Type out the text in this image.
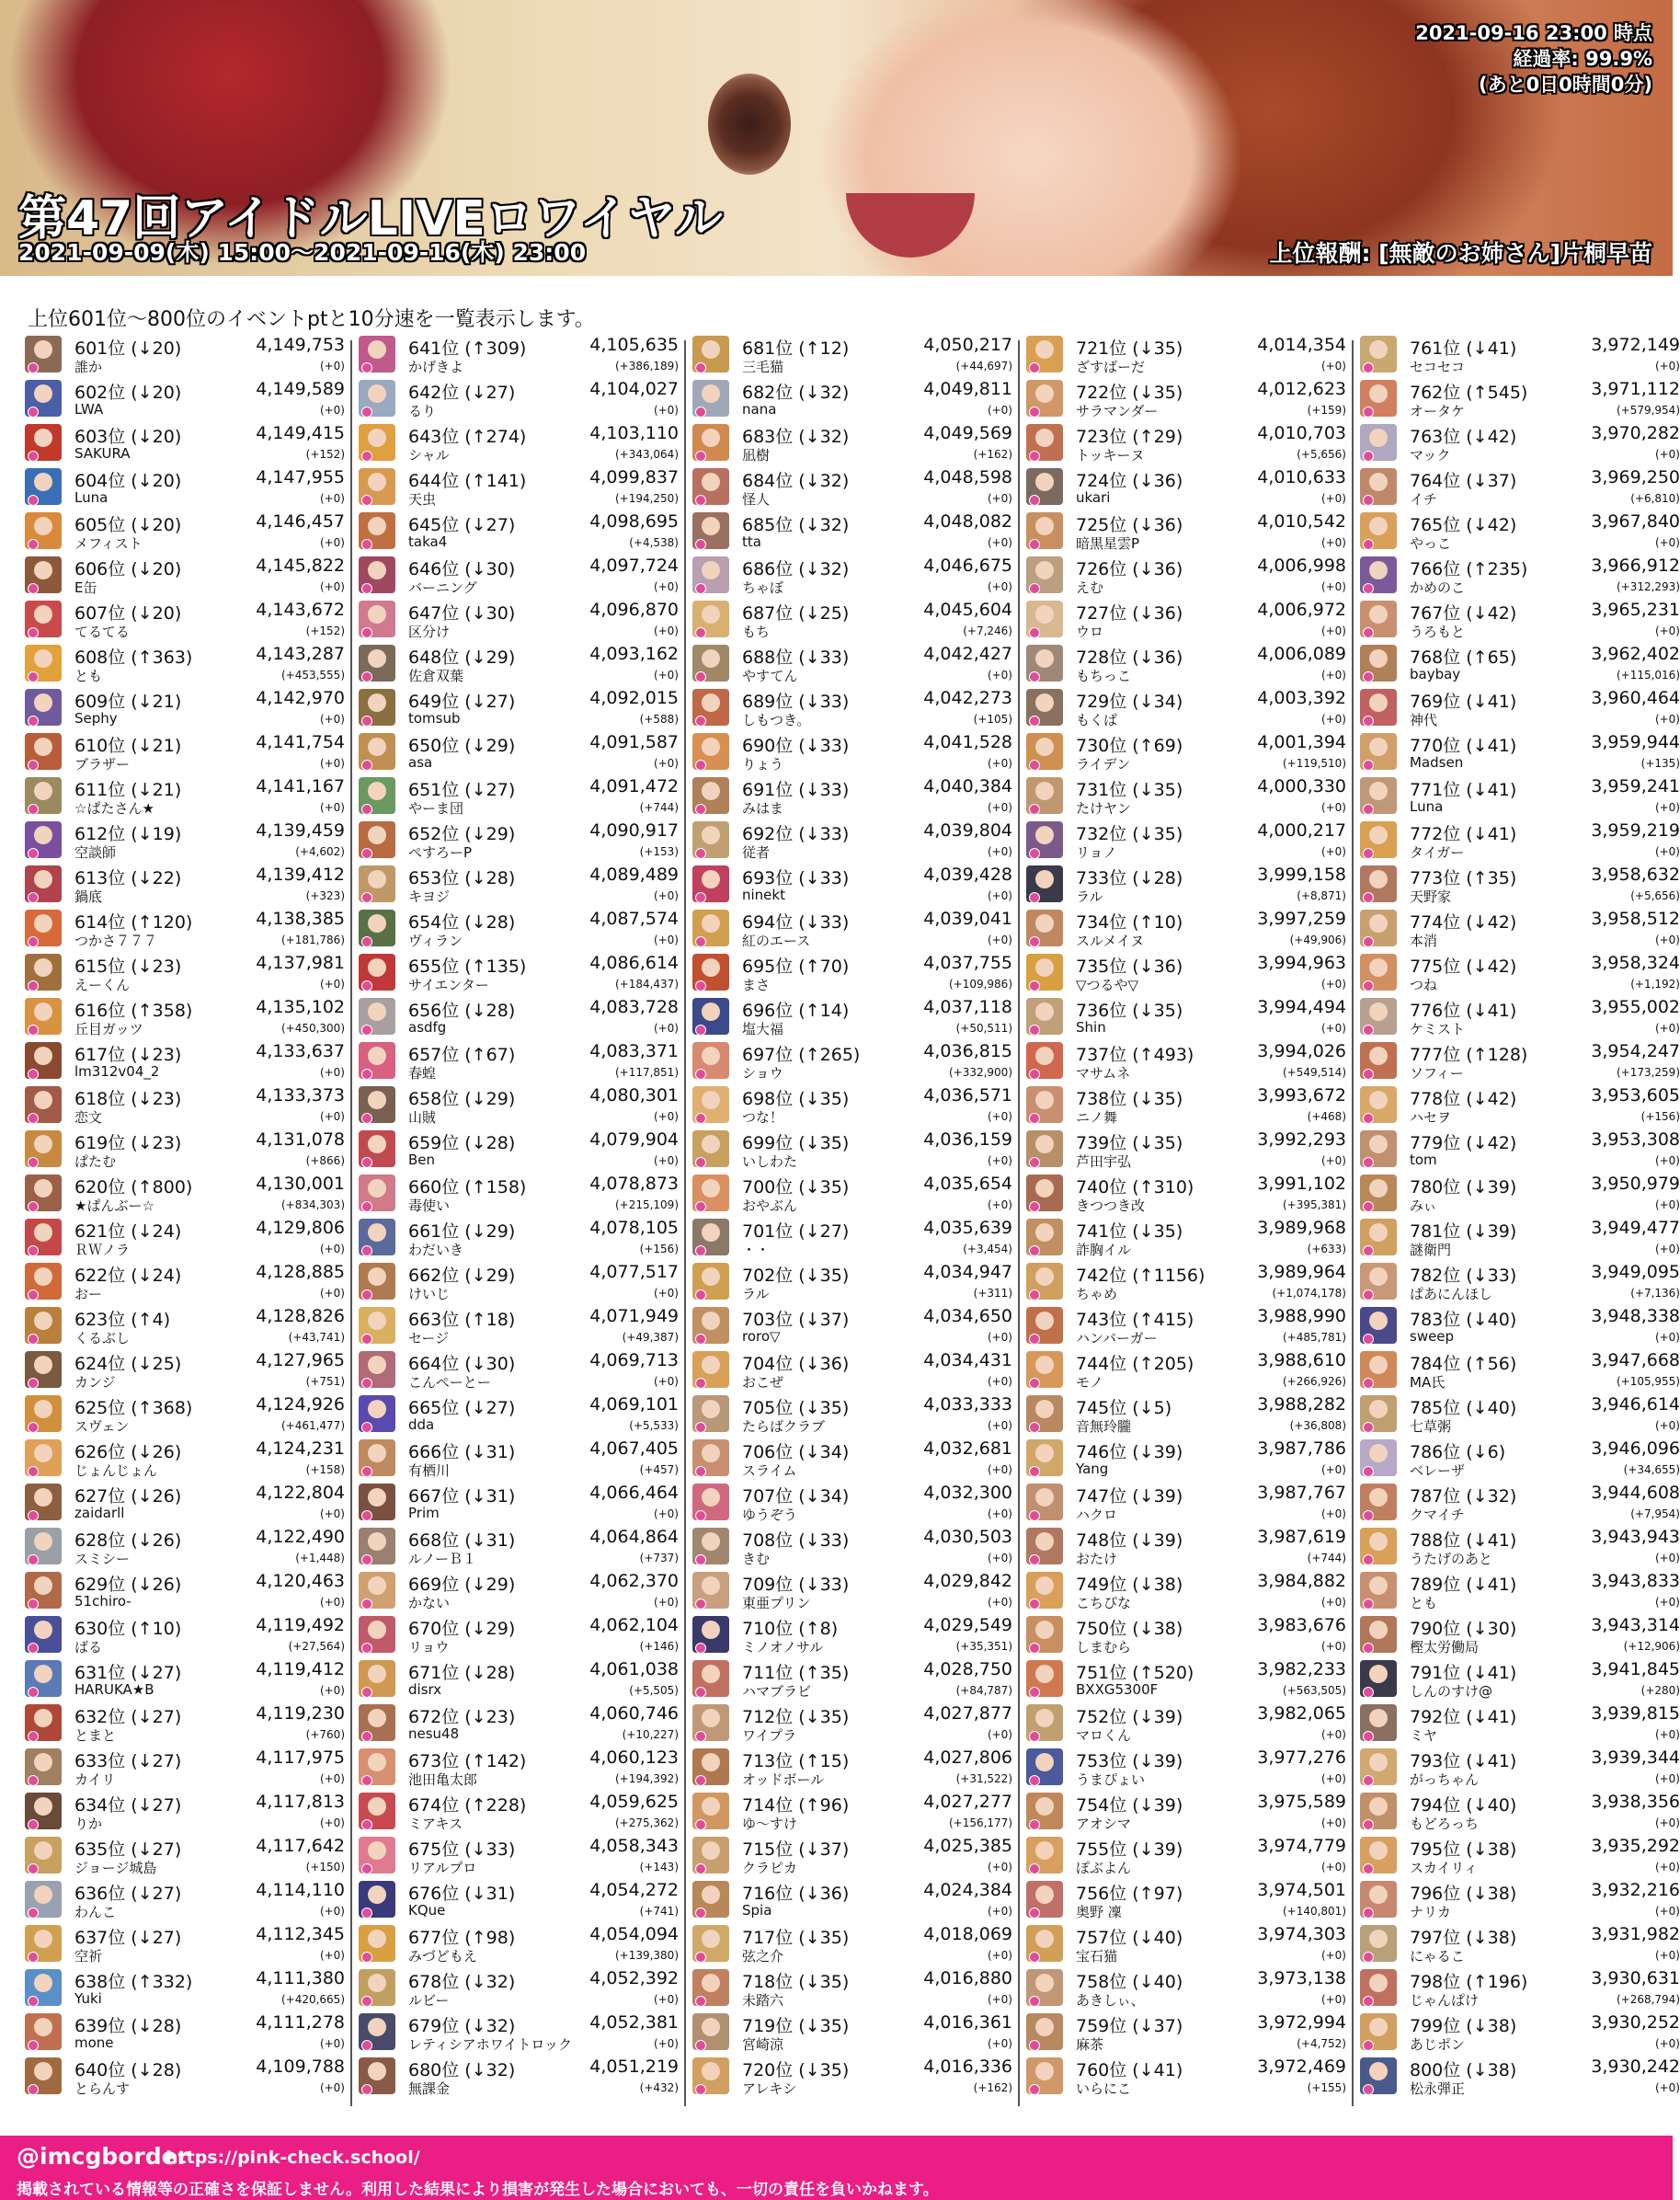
2021-09-16 23:00 時点
経過率: 99.9%
(あと0日0時間0分)
第47回アイドルLIVEロワイヤル
2021-09-09(木) 15:00〜2021-09-16(木) 23:00	上位報酬: [無敵のお姉さん]片桐早苗
上位601位〜800位のイベントptと10分速を一覧表示します。
601位 (↓20)	4,149,753
誰か	(+0)
602位 (↓20)	4,149,589
LWA	(+0)
603位 (↓20)	4,149,415
SAKURA	(+152)
604位 (↓20)	4,147,955
Luna	(+0)
605位 (↓20)	4,146,457
メフィスト	(+0)
606位 (↓20)	4,145,822
E缶	(+0)
607位 (↓20)	4,143,672
てるてる	(+152)
608位 (↑363)	4,143,287
とも	(+453,555)
609位 (↓21)	4,142,970
Sephy	(+0)
610位 (↓21)	4,141,754
ブラザー	(+0)
611位 (↓21)	4,141,167
☆ぱたさん★	(+0)
612位 (↓19)	4,139,459
空談師	(+4,602)
613位 (↓22)	4,139,412
鍋底	(+323)
614位 (↑120)	4,138,385
つかさ７７７	(+181,786)
615位 (↓23)	4,137,981
えーくん	(+0)
616位 (↑358)	4,135,102
丘目ガッツ	(+450,300)
617位 (↓23)	4,133,637
lm312v04_2	(+0)
618位 (↓23)	4,133,373
恋文	(+0)
619位 (↓23)	4,131,078
ぱたむ	(+866)
620位 (↑800)	4,130,001
★ぱんぶー☆	(+834,303)
621位 (↓24)	4,129,806
ＲＷノラ	(+0)
622位 (↓24)	4,128,885
おー	(+0)
623位 (↑4)	4,128,826
くるぶし	(+43,741)
624位 (↓25)	4,127,965
カンジ	(+751)
625位 (↑368)	4,124,926
スヴェン	(+461,477)
626位 (↓26)	4,124,231
じょんじょん	(+158)
627位 (↓26)	4,122,804
zaidarll	(+0)
628位 (↓26)	4,122,490
スミシー	(+1,448)
629位 (↓26)	4,120,463
51chiro-	(+0)
630位 (↑10)	4,119,492
ばる	(+27,564)
631位 (↓27)	4,119,412
HARUKA★B	(+0)
632位 (↓27)	4,119,230
とまと	(+760)
633位 (↓27)	4,117,975
カイリ	(+0)
634位 (↓27)	4,117,813
りか	(+0)
635位 (↓27)	4,117,642
ジョージ城島	(+150)
636位 (↓27)	4,114,110
わんこ	(+0)
637位 (↓27)	4,112,345
空祈	(+0)
638位 (↑332)	4,111,380
Yuki	(+420,665)
639位 (↓28)	4,111,278
mone	(+0)
640位 (↓28)	4,109,788
とらんす	(+0)
641位 (↑309)	4,105,635
かげきよ	(+386,189)
642位 (↓27)	4,104,027
るり	(+0)
643位 (↑274)	4,103,110
シャル	(+343,064)
644位 (↑141)	4,099,837
天虫	(+194,250)
645位 (↓27)	4,098,695
taka4	(+4,538)
646位 (↓30)	4,097,724
バーニング	(+0)
647位 (↓30)	4,096,870
区分け	(+0)
648位 (↓29)	4,093,162
佐倉双葉	(+0)
649位 (↓27)	4,092,015
tomsub	(+588)
650位 (↓29)	4,091,587
asa	(+0)
651位 (↓27)	4,091,472
やーま団	(+744)
652位 (↓29)	4,090,917
ぺすろーP	(+153)
653位 (↓28)	4,089,489
キヨジ	(+0)
654位 (↓28)	4,087,574
ヴィラン	(+0)
655位 (↑135)	4,086,614
サイエンター	(+184,437)
656位 (↓28)	4,083,728
asdfg	(+0)
657位 (↑67)	4,083,371
春蝗	(+117,851)
658位 (↓29)	4,080,301
山賊	(+0)
659位 (↓28)	4,079,904
Ben	(+0)
660位 (↑158)	4,078,873
毒使い	(+215,109)
661位 (↓29)	4,078,105
わだいき	(+156)
662位 (↓29)	4,077,517
けいじ	(+0)
663位 (↑18)	4,071,949
セージ	(+49,387)
664位 (↓30)	4,069,713
こんぺーとー	(+0)
665位 (↓27)	4,069,101
dda	(+5,533)
666位 (↓31)	4,067,405
有栖川	(+457)
667位 (↓31)	4,066,464
Prim	(+0)
668位 (↓31)	4,064,864
ルノーＢ１	(+737)
669位 (↓29)	4,062,370
かない	(+0)
670位 (↓29)	4,062,104
リョウ	(+146)
671位 (↓28)	4,061,038
disrx	(+5,505)
672位 (↓23)	4,060,746
nesu48	(+10,227)
673位 (↑142)	4,060,123
池田亀太郎	(+194,392)
674位 (↑228)	4,059,625
ミアキス	(+275,362)
675位 (↓33)	4,058,343
リアルプロ	(+143)
676位 (↓31)	4,054,272
KQue	(+741)
677位 (↑98)	4,054,094
みづどもえ	(+139,380)
678位 (↓32)	4,052,392
ルビー	(+0)
679位 (↓32)	4,052,381
レティシアホワイトロック	(+0)
680位 (↓32)	4,051,219
無課金	(+432)
681位 (↑12)	4,050,217
三毛猫	(+44,697)
682位 (↓32)	4,049,811
nana	(+0)
683位 (↓32)	4,049,569
凪樹	(+162)
684位 (↓32)	4,048,598
怪人	(+0)
685位 (↓32)	4,048,082
tta	(+0)
686位 (↓32)	4,046,675
ちゃぼ	(+0)
687位 (↓25)	4,045,604
もち	(+7,246)
688位 (↓33)	4,042,427
やすてん	(+0)
689位 (↓33)	4,042,273
しもつき。	(+105)
690位 (↓33)	4,041,528
りょう	(+0)
691位 (↓33)	4,040,384
みはま	(+0)
692位 (↓33)	4,039,804
従者	(+0)
693位 (↓33)	4,039,428
ninekt	(+0)
694位 (↓33)	4,039,041
紅のエース	(+0)
695位 (↑70)	4,037,755
まさ	(+109,986)
696位 (↑14)	4,037,118
塩大福	(+50,511)
697位 (↑265)	4,036,815
ショウ	(+332,900)
698位 (↓35)	4,036,571
つな！	(+0)
699位 (↓35)	4,036,159
いしわた	(+0)
700位 (↓35)	4,035,654
おやぶん	(+0)
701位 (↓27)	4,035,639
・・	(+3,454)
702位 (↓35)	4,034,947
ラル	(+311)
703位 (↓37)	4,034,650
roro▽	(+0)
704位 (↓36)	4,034,431
おこぜ	(+0)
705位 (↓35)	4,033,333
たらばクラブ	(+0)
706位 (↓34)	4,032,681
スライム	(+0)
707位 (↓34)	4,032,300
ゆうぞう	(+0)
708位 (↓33)	4,030,503
きむ	(+0)
709位 (↓33)	4,029,842
東亜プリン	(+0)
710位 (↑8)	4,029,549
ミノオノサル	(+35,351)
711位 (↑35)	4,028,750
ハマブラビ	(+84,787)
712位 (↓35)	4,027,877
ワイプラ	(+0)
713位 (↑15)	4,027,806
オッドボール	(+31,522)
714位 (↑96)	4,027,277
ゆ〜すけ	(+156,177)
715位 (↓37)	4,025,385
クラピカ	(+0)
716位 (↓36)	4,024,384
Spia	(+0)
717位 (↓35)	4,018,069
弦之介	(+0)
718位 (↓35)	4,016,880
未踏六	(+0)
719位 (↓35)	4,016,361
宮崎涼	(+0)
720位 (↓35)	4,016,336
アレキシ	(+162)
721位 (↓35)	4,014,354
ざすばーだ	(+0)
722位 (↓35)	4,012,623
サラマンダー	(+159)
723位 (↑29)	4,010,703
トッキーヌ	(+5,656)
724位 (↓36)	4,010,633
ukari	(+0)
725位 (↓36)	4,010,542
暗黒星雲P	(+0)
726位 (↓36)	4,006,998
えむ	(+0)
727位 (↓36)	4,006,972
ウロ	(+0)
728位 (↓36)	4,006,089
もちっこ	(+0)
729位 (↓34)	4,003,392
もくば	(+0)
730位 (↑69)	4,001,394
ライデン	(+119,510)
731位 (↓35)	4,000,330
たけヤン	(+0)
732位 (↓35)	4,000,217
リョノ	(+0)
733位 (↓28)	3,999,158
ラル	(+8,871)
734位 (↑10)	3,997,259
スルメイヌ	(+49,906)
735位 (↓36)	3,994,963
▽つるや▽	(+0)
736位 (↓35)	3,994,494
Shin	(+0)
737位 (↑493)	3,994,026
マサムネ	(+549,514)
738位 (↓35)	3,993,672
ニノ舞	(+468)
739位 (↓35)	3,992,293
芦田宇弘	(+0)
740位 (↑310)	3,991,102
きつつき改	(+395,381)
741位 (↓35)	3,989,968
詐胸イル	(+633)
742位 (↑1156)	3,989,964
ちゃめ	(+1,074,178)
743位 (↑415)	3,988,990
ハンバーガー	(+485,781)
744位 (↑205)	3,988,610
モノ	(+266,926)
745位 (↓5)	3,988,282
音無玲朧	(+36,808)
746位 (↓39)	3,987,786
Yang	(+0)
747位 (↓39)	3,987,767
ハクロ	(+0)
748位 (↓39)	3,987,619
おたけ	(+744)
749位 (↓38)	3,984,882
こちぴな	(+0)
750位 (↓38)	3,983,676
しまむら	(+0)
751位 (↑520)	3,982,233
BXXG5300F	(+563,505)
752位 (↓39)	3,982,065
マロくん	(+0)
753位 (↓39)	3,977,276
うまぴょい	(+0)
754位 (↓39)	3,975,589
アオシマ	(+0)
755位 (↓39)	3,974,779
ぽぶよん	(+0)
756位 (↑97)	3,974,501
奥野 凜	(+140,801)
757位 (↓40)	3,974,303
宝石猫	(+0)
758位 (↓40)	3,973,138
あきしぃ、	(+0)
759位 (↓37)	3,972,994
麻茶	(+4,752)
760位 (↓41)	3,972,469
いらにこ	(+155)
761位 (↓41)	3,972,149
セコセコ	(+0)
762位 (↑545)	3,971,112
オータケ	(+579,954)
763位 (↓42)	3,970,282
マック	(+0)
764位 (↓37)	3,969,250
イチ	(+6,810)
765位 (↓42)	3,967,840
やっこ	(+0)
766位 (↑235)	3,966,912
かめのこ	(+312,293)
767位 (↓42)	3,965,231
うろもと	(+0)
768位 (↑65)	3,962,402
baybay	(+115,016)
769位 (↓41)	3,960,464
神代	(+0)
770位 (↓41)	3,959,944
Madsen	(+135)
771位 (↓41)	3,959,241
Luna	(+0)
772位 (↓41)	3,959,219
タイガー	(+0)
773位 (↑35)	3,958,632
天野家	(+5,656)
774位 (↓42)	3,958,512
本消	(+0)
775位 (↓42)	3,958,324
つね	(+1,192)
776位 (↓41)	3,955,002
ケミスト	(+0)
777位 (↑128)	3,954,247
ソフィー	(+173,259)
778位 (↓42)	3,953,605
ハセヲ	(+156)
779位 (↓42)	3,953,308
tom	(+0)
780位 (↓39)	3,950,979
みぃ	(+0)
781位 (↓39)	3,949,477
謎衛門	(+0)
782位 (↓33)	3,949,095
ぱあにんほし	(+7,136)
783位 (↓40)	3,948,338
sweep	(+0)
784位 (↑56)	3,947,668
MA氏	(+105,955)
785位 (↓40)	3,946,614
七草粥	(+0)
786位 (↓6)	3,946,096
ベレーザ	(+34,655)
787位 (↓32)	3,944,608
クマイチ	(+7,954)
788位 (↓41)	3,943,943
うたげのあと	(+0)
789位 (↓41)	3,943,833
とも	(+0)
790位 (↓30)	3,943,314
樫太労働局	(+12,906)
791位 (↓41)	3,941,845
しんのすけ@	(+280)
792位 (↓41)	3,939,815
ミヤ	(+0)
793位 (↓41)	3,939,344
がっちゃん	(+0)
794位 (↓40)	3,938,356
もどろっち	(+0)
795位 (↓38)	3,935,292
スカイリィ	(+0)
796位 (↓38)	3,932,216
ナリカ	(+0)
797位 (↓38)	3,931,982
にゃるこ	(+0)
798位 (↑196)	3,930,631
じゃんぱけ	(+268,794)
799位 (↓38)	3,930,252
あじポン	(+0)
800位 (↓38)	3,930,242
松永弾正	(+0)
@imcgborder
https://pink-check.school/
掲載されている情報等の正確さを保証しません。利用した結果により損害が発生した場合においても、一切の責任を負いかねます。
